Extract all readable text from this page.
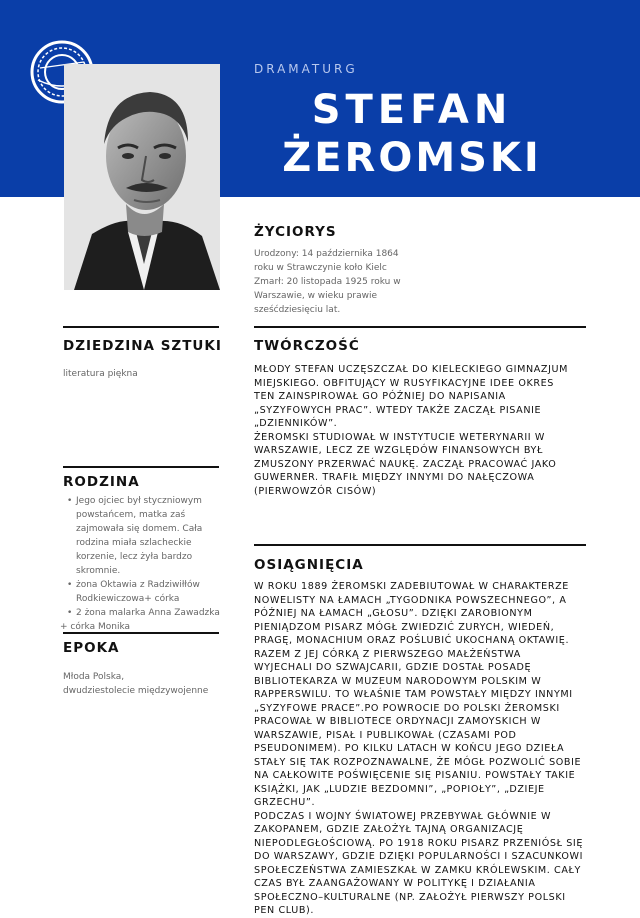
DRAMATURG
STEFAN
ŻEROMSKI
ŻYCIORYS
Urodzony: 14 października 1864
roku w Strawczynie koło Kielc
Zmarł: 20 listopada 1925 roku w
Warszawie, w wieku prawie
sześćdziesięciu lat.
DZIEDZINA SZTUKI
literatura piękna
RODZINA
• Jego ojciec był styczniowym
powstańcem, matka zaś
zajmowała się domem. Cała
rodzina miała szlacheckie
korzenie, lecz żyła bardzo
skromnie.
• żona Oktawia z Radziwiłłów
Rodkiewiczowa+ córka
• 2 żona malarka Anna Zawadzka
+ córka Monika
EPOKA
Młoda Polska,
dwudziestolecie międzywojenne
TWÓRCZOŚĆ

MŁODY STEFAN UCZĘSZCZAŁ DO KIELECKIEGO GIMNAZJUM

MIEJSKIEGO. OBFITUJĄCY W RUSYFIKACYJNE IDEE OKRES

TEN ZAINSPIROWAŁ GO PÓŹNIEJ DO NAPISANIA

„SYZYFOWYCH PRAC”. WTEDY TAKŻE ZACZĄŁ PISANIE

„DZIENNIKÓW”.

ŻEROMSKI STUDIOWAŁ W INSTYTUCIE WETERYNARII W

WARSZAWIE, LECZ ZE WZGLĘDÓW FINANSOWYCH BYŁ

ZMUSZONY PRZERWAĆ NAUKĘ. ZACZĄŁ PRACOWAĆ JAKO

GUWERNER. TRAFIŁ MIĘDZY INNYMI DO NAŁĘCZOWA

(PIERWOWZÓR CISÓW)

OSIĄGNIĘCIA

W ROKU 1889 ŻEROMSKI ZADEBIUTOWAŁ W CHARAKTERZE

NOWELISTY NA ŁAMACH „TYGODNIKA POWSZECHNEGO”, A

PÓŹNIEJ NA ŁAMACH „GŁOSU”. DZIĘKI ZAROBIONYM

PIENIĄDZOM PISARZ MÓGŁ ZWIEDZIĆ ZURYCH, WIEDEŃ,

PRAGĘ, MONACHIUM ORAZ POŚLUBIĆ UKOCHANĄ OKTAWIĘ.

RAZEM Z JEJ CÓRKĄ Z PIERWSZEGO MAŁŻEŃSTWA

WYJECHALI DO SZWAJCARII, GDZIE DOSTAŁ POSADĘ

BIBLIOTEKARZA W MUZEUM NARODOWYM POLSKIM W

RAPPERSWILU. TO WŁAŚNIE TAM POWSTAŁY MIĘDZY INNYMI

„SYZYFOWE PRACE”.PO POWROCIE DO POLSKI ŻEROMSKI

PRACOWAŁ W BIBLIOTECE ORDYNACJI ZAMOYSKICH W

WARSZAWIE, PISAŁ I PUBLIKOWAŁ (CZASAMI POD

PSEUDONIMEM). PO KILKU LATACH W KOŃCU JEGO DZIEŁA

STAŁY SIĘ TAK ROZPOZNAWALNE, ŻE MÓGŁ POZWOLIĆ SOBIE

NA CAŁKOWITE POŚWIĘCENIE SIĘ PISANIU. POWSTAŁY TAKIE

KSIĄŻKI, JAK „LUDZIE BEZDOMNI”, „POPIOŁY”, „DZIEJE

GRZECHU”.

PODCZAS I WOJNY ŚWIATOWEJ PRZEBYWAŁ GŁÓWNIE W

ZAKOPANEM, GDZIE ZAŁOŻYŁ TAJNĄ ORGANIZACJĘ

NIEPODLEGŁOŚCIOWĄ. PO 1918 ROKU PISARZ PRZENIÓSŁ SIĘ

DO WARSZAWY, GDZIE DZIĘKI POPULARNOŚCI I SZACUNKOWI

SPOŁECZEŃSTWA ZAMIESZKAŁ W ZAMKU KRÓLEWSKIM. CAŁY

CZAS BYŁ ZAANGAŻOWANY W POLITYKĘ I DZIAŁANIA

SPOŁECZNO–KULTURALNE (NP. ZAŁOŻYŁ PIERWSZY POLSKI

PEN CLUB).
